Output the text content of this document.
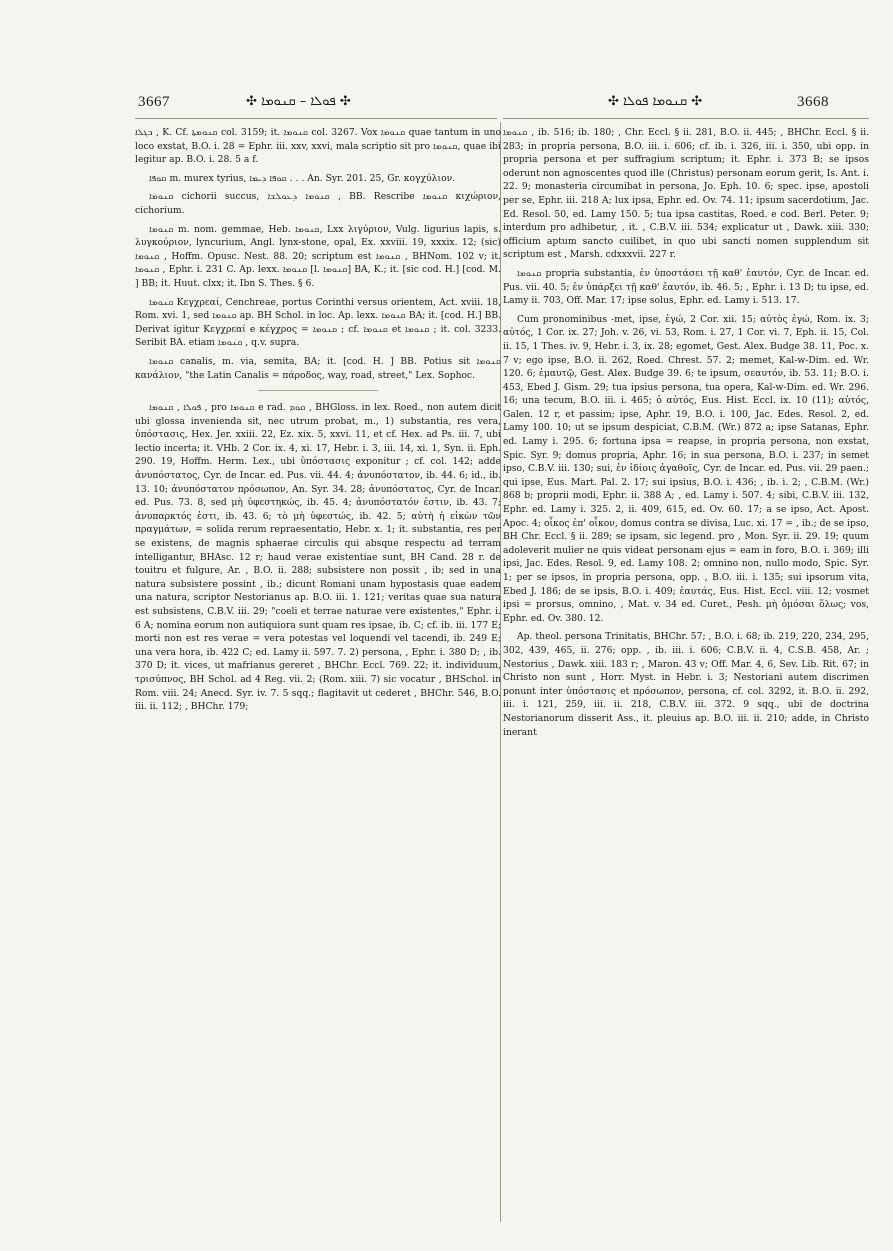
3667	✣ ܦܘܠܐ – ܩܢܘܡܐ ✣	✣ ܩܢܘܡܐ ܦܘܠܐ ✣	3668

ܒܓܠܐ , K. Cf. ܩܢܘܡܬܐ col. 3159; it. ܩܢܘܡܐ col. 3267. Vox ܩܢܘܡܐ quae tantum in uno loco exstat, B.O. i. 28 = Ephr. iii. xxv, xxvi, mala scriptio sit pro ܩܢܘܡܐ, quae ibi legitur ap. B.O. i. 28. 5 a f.

ܩܘܦܐ m. murex tyrius, ܩܘܦܐ ܕܝܡܐ . . . An. Syr. 201. 25, Gr. κογχύλιον.

ܩܢܘܡܐ cichorii succus, ܩܢܘܡܐ ܕܥܘܠܫܐ , BB. Rescribe ܩܢܘܡܐ κιχώριον, cichorium.

ܩܢܘܡܐ m. nom. gemmae, Heb. ܩܢܘܡܐ, Lxx λιγύριον, Vulg. ligurius lapis, s. λυγκούριον, lyncurium, Angl. lynx-stone, opal, Ex. xxviii. 19, xxxix. 12; (sic) ܩܢܘܡܐ , Hoffm. Opusc. Nest. 88. 20; scriptum est ܩܢܘܡܐ , BHNom. 102 v; it. ܩܢܘܡܐ , Ephr. i. 231 C. Ap. lexx. ܩܢܘܡܐ [l. ܩܢܘܡܐ] BA, K.; it. [sic cod. H.] [cod. M. ] BB; it. Huut. clxx; it. Ibn S. Thes. § 6.

ܩܢܘܡܐ Κεγχρεαί, Cenchreae, portus Corinthi versus orientem, Act. xviii. 18, Rom. xvi. 1, sed ܩܢܘܡܐ ap. BH Schol. in loc. Ap. lexx. ܩܢܘܡܐ BA; it. [cod. H.] BB. Derivat igitur Κεγχρεαί e κέγχρος = ܩܢܘܡܐ ; cf. ܩܢܘܡܐ et ܩܢܘܡܐ ; it. col. 3233. Seribit BA. etiam ܩܢܘܡܐ , q.v. supra.

ܩܢܘܡܐ canalis, m. via, semita, BA; it. [cod. H. ] BB. Potius sit ܩܢܘܡܐ κανάλιον, "the Latin Canalis = πάροδος, way, road, street," Lex. Sophoc.

ܦܘܠܐ , ܩܢܘܡܐ , pro ܩܢܘܡܐ e rad. ܩܘܡ , BHGloss. in lex. Roed., non autem dicit ubi glossa invenienda sit, nec utrum probat, m., 1) substantia, res vera, ὑπόστασις, Hex. Jer. xxiii. 22, Ez. xix. 5, xxvi. 11, et cf. Hex. ad Ps. iii. 7, ubi lectio incerta; it. VHb. 2 Cor. ix. 4, xi. 17, Hebr. i. 3, iii. 14, xi. 1, Syn. ii. Eph. 290. 19, Hoffm. Herm. Lex., ubi ὑπόστασις exponitur ; cf. col. 142; adde ἀνυπόστατος, Cyr. de Incar. ed. Pus. vii. 44. 4; ἀνυπόστατον, ib. 44. 6; id., ib. 13. 10; ἀνυπόστατον πρόσωπον, An. Syr. 34. 28; ἀνυπόστατος, Cyr. de Incar. ed. Pus. 73. 8, sed μὴ ὑφεστηκώς, ib. 45. 4; ἀνυπόστατόν ἐστιν, ib. 43. 7; ἀνυπαρκτός ἐστι, ib. 43. 6; τὸ μὴ ὑφεστώς, ib. 42. 5; αὐτὴ ἡ εἰκὼν τῶν πραγμάτων, = solida rerum repraesentatio, Hebr. x. 1; it. substantia, res per se existens, de magnis sphaerae circulis qui absque respectu ad terram intelligantur, BHAsc. 12 r; haud verae existentiae sunt, BH Cand. 28 r. de touitru et fulgure, Ar. , B.O. ii. 288; subsistere non possit , ib; sed in una natura subsistere possint , ib.; dicunt Romani unam hypostasis quae eadem una natura, scriptor Nestorianus ap. B.O. iii. 1. 121; veritas quae sua natura est subsistens, C.B.V. iii. 29; "coeli et terrae naturae vere existentes," Ephr. i. 6 A; nomina eorum non autiquiora sunt quam res ipsae, ib. C; cf. ib. iii. 177 E; morti non est res verae = vera potestas vel loquendi vel tacendi, ib. 249 E; una vera hora, ib. 422 C; ed. Lamy ii. 597. 7. 2) persona, , Ephr. i. 380 D; , ib. 370 D; it. vices, ut mafrianus gereret , BHChr. Eccl. 769. 22; it. individuum, τρισύπνος, BH Schol. ad 4 Reg. vii. 2; (Rom. xiii. 7) sic vocatur , BHSchol. in Rom. viii. 24; Anecd. Syr. iv. 7. 5 sqq.; flagitavit ut cederet , BHChr. 546, B.O. iii. ii. 112; , BHChr. 179;

ܩܢܘܡܐ , ib. 516; ib. 180; , Chr. Eccl. § ii. 281, B.O. ii. 445; , BHChr. Eccl. § ii. 283; in propria persona, B.O. iii. i. 606; cf. ib. i. 326, iii. i. 350, ubi opp. in propria persona et per suffragium scriptum; it. Ephr. i. 373 B; se ipsos oderunt non agnoscentes quod ille (Christus) personam eorum gerit, Is. Ant. i. 22. 9; monasteria circumibat in persona, Jo. Eph. 10. 6; spec. ipse, apostoli per se, Ephr. iii. 218 A; lux ipsa, Ephr. ed. Ov. 74. 11; ipsum sacerdotium, Jac. Ed. Resol. 50, ed. Lamy 150. 5; tua ipsa castitas, Roed. e cod. Berl. Peter. 9; interdum pro adhibetur, , it. , C.B.V. iii. 534; explicatur ut , Dawk. xiii. 330; officium aptum sancto cuilibet, in quo ubi sancti nomen supplendum sit scriptum est , Marsh. cdxxxvii. 227 r.

ܩܢܘܡܐ propria substantia, ἐν ὑποστάσει τῇ καθ' ἑαυτόν, Cyr. de Incar. ed. Pus. vii. 40. 5; ἐν ὑπάρξει τῇ καθ' ἑαυτόν, ib. 46. 5; , Ephr. i. 13 D; tu ipse, ed. Lamy ii. 703, Off. Mar. 17; ipse solus, Ephr. ed. Lamy i. 513. 17.

Cum pronominibus -met, ipse, ἐγώ, 2 Cor. xii. 15; αὐτὸς ἐγώ, Rom. ix. 3; αὐτός, 1 Cor. ix. 27; Joh. v. 26, vi. 53, Rom. i. 27, 1 Cor. vi. 7, Eph. ii. 15, Col. ii. 15, 1 Thes. iv. 9, Hebr. i. 3, ix. 28; egomet, Gest. Alex. Budge 38. 11, Poc. x. 7 v; ego ipse, B.O. ii. 262, Roed. Chrest. 57. 2; memet, Kal-w-Dim. ed. Wr. 120. 6; ἐμαυτῷ, Gest. Alex. Budge 39. 6; te ipsum, σεαυτόν, ib. 53. 11; B.O. i. 453, Ebed J. Gism. 29; tua ipsius persona, tua opera, Kal-w-Dim. ed. Wr. 296. 16; una tecum, B.O. iii. i. 465; ὁ αὐτός, Eus. Hist. Eccl. ix. 10 (11); αὐτός, Galen. 12 r, et passim; ipse, Aphr. 19, B.O. i. 100, Jac. Edes. Resol. 2, ed. Lamy 100. 10; ut se ipsum despiciat, C.B.M. (Wr.) 872 a; ipse Satanas, Ephr. ed. Lamy i. 295. 6; fortuna ipsa = reapse, in propria persona, non exstat, Spic. Syr. 9; domus propria, Aphr. 16; in sua persona, B.O. i. 237; in semet ipso, C.B.V. iii. 130; sui, ἐν ἰδίοις ἀγαθοῖς, Cyr. de Incar. ed. Pus. vii. 29 paen.; qui ipse, Eus. Mart. Pal. 2. 17; sui ipsius, B.O. i. 436; , ib. i. 2; , C.B.M. (Wr.) 868 b; proprii modi, Ephr. ii. 388 A; , ed. Lamy i. 507. 4; sibi, C.B.V. iii. 132, Ephr. ed. Lamy i. 325. 2, ii. 409, 615, ed. Ov. 60. 17; a se ipso, Act. Apost. Apoc. 4; οἶκος ἐπ' οἶκον, domus contra se divisa, Luc. xi. 17 = , ib.; de se ipso, BH Chr. Eccl. § ii. 289; se ipsam, sic legend. pro , Mon. Syr. ii. 29. 19; quum adoleverit mulier ne quis videat personam ejus = eam in foro, B.O. i. 369; illi ipsi, Jac. Edes. Resol. 9, ed. Lamy 108. 2; omnino non, nullo modo, Spic. Syr. 1; per se ipsos, in propria persona, opp. , B.O. iii. i. 135; sui ipsorum vita, Ebed J. 186; de se ipsis, B.O. i. 409; ἑαυτάς, Eus. Hist. Eccl. viii. 12; vosmet ipsi = prorsus, omnino, , Mat. v. 34 ed. Curet., Pesh. μὴ ὀμόσαι ὅλως; vos, Ephr. ed. Ov. 380. 12.

Ap. theol. persona Trinitatis, BHChr. 57; , B.O. i. 68; ib. 219, 220, 234, 295, 302, 439, 465, ii. 276; opp. , ib. iii. i. 606; C.B.V. ii. 4, C.S.B. 458, Ar. ; Nestorius , Dawk. xiii. 183 r; , Maron. 43 v; Off. Mar. 4, 6, Sev. Lib. Rit. 67; in Christo non sunt , Horr. Myst. in Hebr. i. 3; Nestoriani autem discrimen ponunt inter ὑπόστασις et πρόσωπον, persona, cf. col. 3292, it. B.O. ii. 292, iii. i. 121, 259, iii. ii. 218, C.B.V. iii. 372. 9 sqq., ubi de doctrina Nestorianorum disserit Ass., it. pleuius ap. B.O. iii. ii. 210; adde, in Christo inerant
